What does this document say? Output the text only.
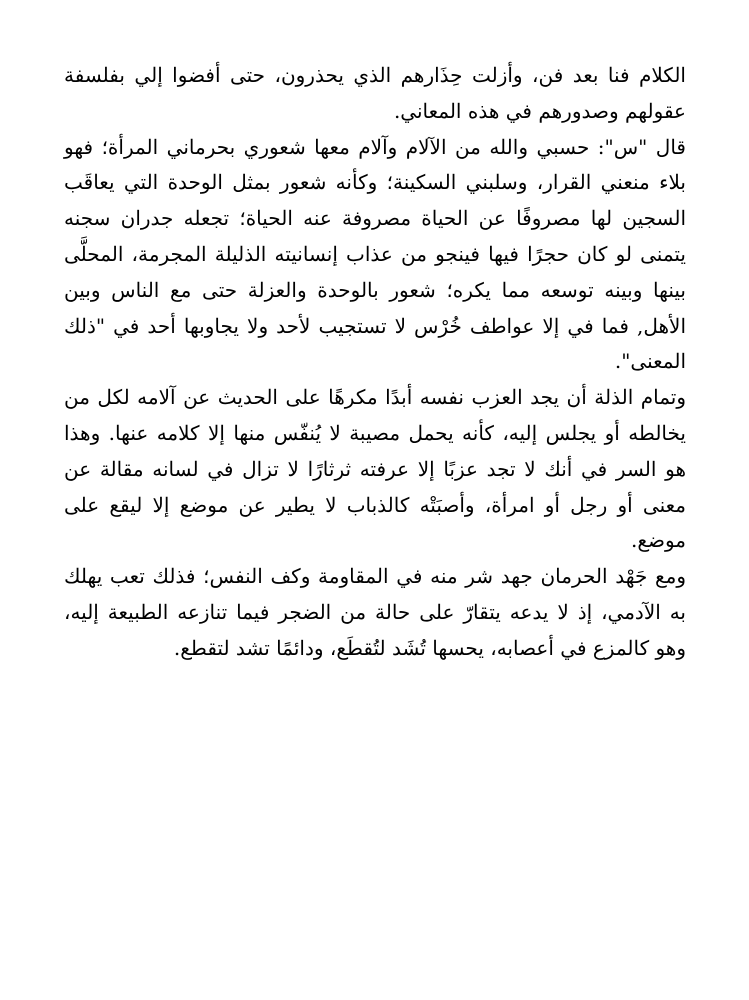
الكلام فنا بعد فن، وأزلت حِذَارهم الذي يحذرون، حتى أفضوا إلي بفلسفة عقولهم وصدورهم في هذه المعاني.

قال "س": حسبي والله من الآلام وآلام معها شعوري بحرماني المرأة؛ فهو بلاء منعني القرار، وسلبني السكينة؛ وكأنه شعور بمثل الوحدة التي يعاقَب السجين لها مصروفًا عن الحياة مصروفة عنه الحياة؛ تجعله جدران سجنه يتمنى لو كان حجرًا فيها فينجو من عذاب إنسانيته الذليلة المجرمة، المحلَّى بينها وبينه توسعه مما يكره؛ شعور بالوحدة والعزلة حتى مع الناس وبين الأهل, فما في إلا عواطف خُرْس لا تستجيب لأحد ولا يجاوبها أحد في "ذلك المعنى".

وتمام الذلة أن يجد العزب نفسه أبدًا مكرهًا على الحديث عن آلامه لكل من يخالطه أو يجلس إليه، كأنه يحمل مصيبة لا يُنفّس منها إلا كلامه عنها. وهذا هو السر في أنك لا تجد عزبًا إلا عرفته ثرثارًا لا تزال في لسانه مقالة عن معنى أو رجل أو امرأة، وأصبَتْه كالذباب لا يطير عن موضع إلا ليقع على موضع.

ومع جَهْد الحرمان جهد شر منه في المقاومة وكف النفس؛ فذلك تعب يهلك به الآدمي، إذ لا يدعه يتقارّ على حالة من الضجر فيما تنازعه الطبيعة إليه، وهو كالمزع في أعصابه، يحسها تُشَد لتُقطَع، ودائمًا تشد لتقطع.
